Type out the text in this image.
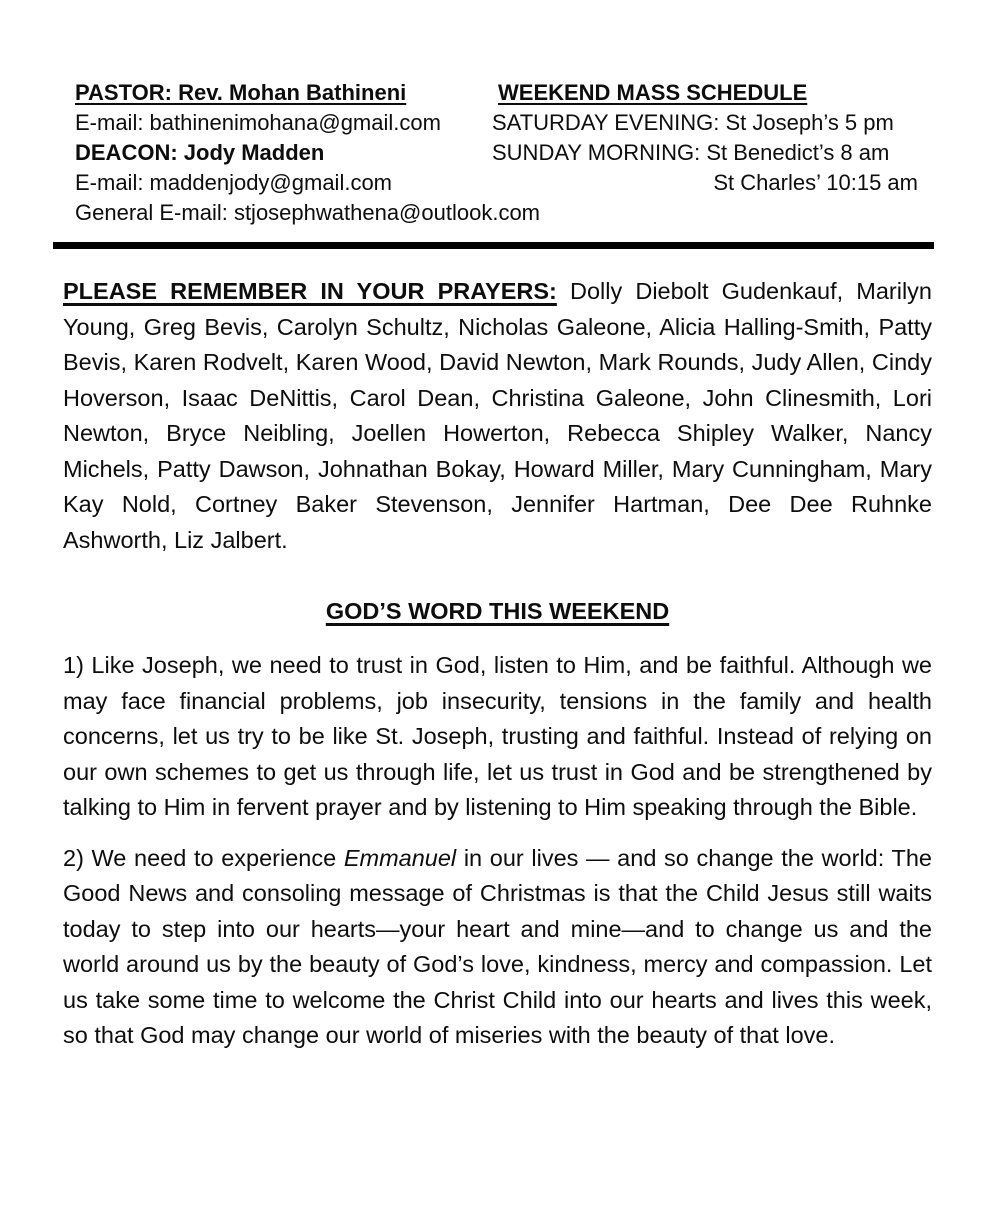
PASTOR: Rev. Mohan Bathineni	WEEKEND MASS SCHEDULE
E-mail: bathinenimohana@gmail.com	SATURDAY EVENING: St Joseph’s 5 pm
DEACON: Jody Madden	SUNDAY MORNING: St Benedict’s 8 am
E-mail: maddenjody@gmail.com	St Charles’ 10:15 am
General E-mail: stjosephwathena@outlook.com

PLEASE REMEMBER IN YOUR PRAYERS: Dolly Diebolt Gudenkauf, Marilyn Young, Greg Bevis, Carolyn Schultz, Nicholas Galeone, Alicia Halling-Smith, Patty Bevis, Karen Rodvelt, Karen Wood, David Newton, Mark Rounds, Judy Allen, Cindy Hoverson, Isaac DeNittis, Carol Dean, Christina Galeone, John Clinesmith, Lori Newton, Bryce Neibling, Joellen Howerton, Rebecca Shipley Walker, Nancy Michels, Patty Dawson, Johnathan Bokay, Howard Miller, Mary Cunningham, Mary Kay Nold, Cortney Baker Stevenson, Jennifer Hartman, Dee Dee Ruhnke Ashworth, Liz Jalbert.

GOD’S WORD THIS WEEKEND

1) Like Joseph, we need to trust in God, listen to Him, and be faithful. Although we may face financial problems, job insecurity, tensions in the family and health concerns, let us try to be like St. Joseph, trusting and faithful. Instead of relying on our own schemes to get us through life, let us trust in God and be strengthened by talking to Him in fervent prayer and by listening to Him speaking through the Bible.

2) We need to experience Emmanuel in our lives — and so change the world: The Good News and consoling message of Christmas is that the Child Jesus still waits today to step into our hearts—your heart and mine—and to change us and the world around us by the beauty of God’s love, kindness, mercy and compassion. Let us take some time to welcome the Christ Child into our hearts and lives this week, so that God may change our world of miseries with the beauty of that love.
